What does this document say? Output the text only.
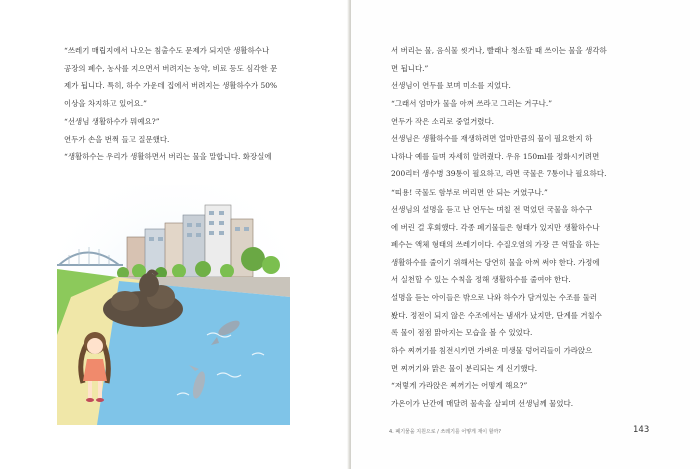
“쓰레기 매립지에서 나오는 침출수도 문제가 되지만 생활하수나
공장의 폐수, 농사를 지으면서 버려지는 농약, 비료 등도 심각한 문
제가 됩니다. 특히, 하수 가운데 집에서 버려지는 생활하수가 50%
이상을 차지하고 있어요.”

“선생님 생활하수가 뭐예요?”

연두가 손을 번쩍 들고 질문했다.

“생활하수는 우리가 생활하면서 버리는 물을 말합니다. 화장실에

서 버리는 물, 음식물 씻거나, 빨래나 청소할 때 쓰이는 물을 생각하
면 됩니다.”

선생님이 연두를 보며 미소를 지었다.

“그래서 엄마가 물을 아껴 쓰라고 그러는 거구나.”

연두가 작은 소리로 중얼거렸다.

선생님은 생활하수를 재생하려면 얼마만큼의 물이 필요한지 하
나하나 예를 들며 자세히 알려줬다. 우유 150ml를 정화시키려면
200리터 생수병 39통이 필요하고, 라면 국물은 7통이나 필요하다.

“띠용! 국물도 함부로 버리면 안 되는 거였구나.”

선생님의 설명을 듣고 난 연두는 며칠 전 먹었던 국물을 하수구
에 버린 걸 후회했다. 각종 폐기물들은 형태가 있지만 생활하수나
폐수는 액체 형태의 쓰레기이다. 수질오염의 가장 큰 역할을 하는
생활하수를 줄이기 위해서는 당연히 물을 아껴 써야 한다. 가정에
서 실천할 수 있는 수칙을 정해 생활하수를 줄여야 한다.

설명을 듣는 아이들은 밖으로 나와 하수가 담겨있는 수조를 둘러
봤다. 정전이 되지 않은 수조에서는 냄새가 났지만, 단계를 거칠수
록 물이 점점 맑아지는 모습을 볼 수 있었다.

하수 찌꺼기를 침전시키면 가벼운 미생물 덩어리들이 가라앉으
면 찌꺼기와 맑은 물이 분리되는 게 신기했다.

“저렇게 가라앉은 찌꺼기는 어떻게 해요?”

가온이가 난간에 매달려 물속을 살피며 선생님께 물었다.

4. 폐기물을 지원으로 / 쓰레기를 어떻게 재이 할까?	143
